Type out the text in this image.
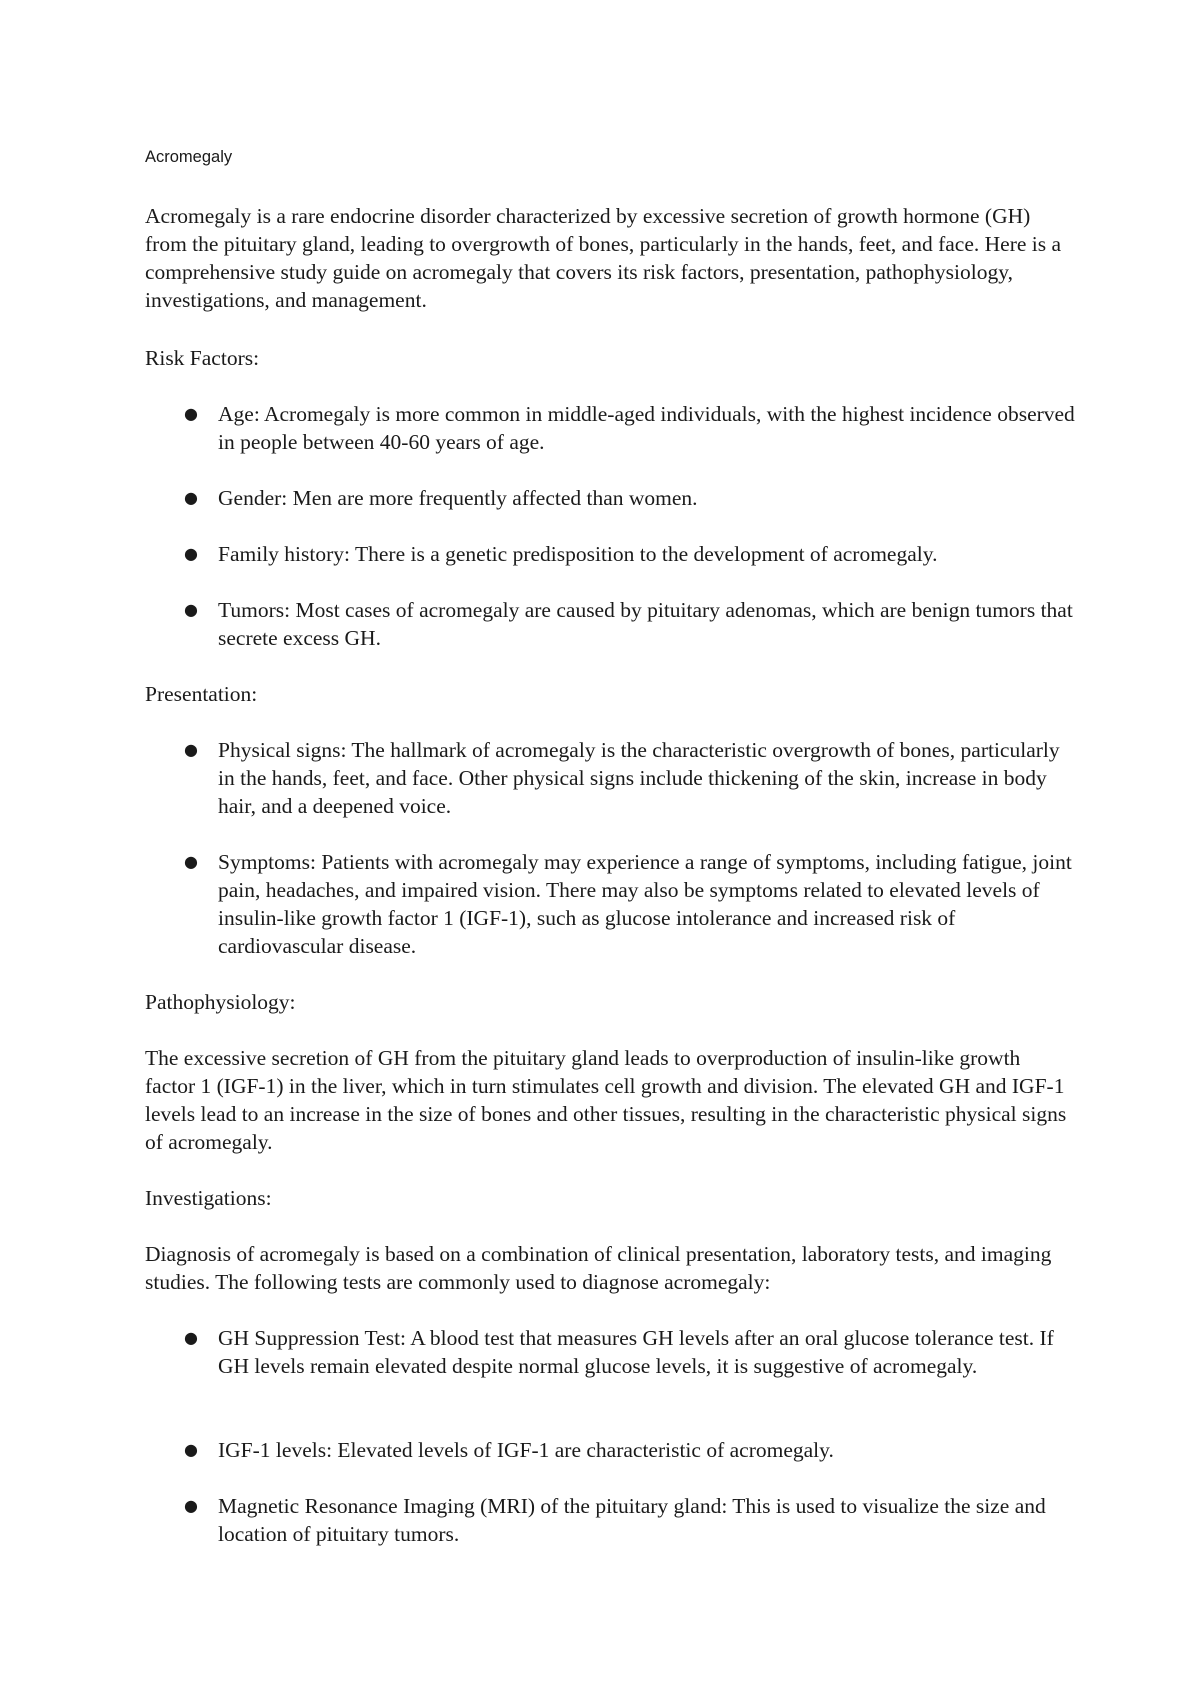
Acromegaly

Acromegaly is a rare endocrine disorder characterized by excessive secretion of growth hormone (GH) from the pituitary gland, leading to overgrowth of bones, particularly in the hands, feet, and face. Here is a comprehensive study guide on acromegaly that covers its risk factors, presentation, pathophysiology, investigations, and management.

Risk Factors:

● Age: Acromegaly is more common in middle-aged individuals, with the highest incidence observed in people between 40-60 years of age.
● Gender: Men are more frequently affected than women.
● Family history: There is a genetic predisposition to the development of acromegaly.
● Tumors: Most cases of acromegaly are caused by pituitary adenomas, which are benign tumors that secrete excess GH.

Presentation:

● Physical signs: The hallmark of acromegaly is the characteristic overgrowth of bones, particularly in the hands, feet, and face. Other physical signs include thickening of the skin, increase in body hair, and a deepened voice.
● Symptoms: Patients with acromegaly may experience a range of symptoms, including fatigue, joint pain, headaches, and impaired vision. There may also be symptoms related to elevated levels of insulin-like growth factor 1 (IGF-1), such as glucose intolerance and increased risk of cardiovascular disease.

Pathophysiology:

The excessive secretion of GH from the pituitary gland leads to overproduction of insulin-like growth factor 1 (IGF-1) in the liver, which in turn stimulates cell growth and division. The elevated GH and IGF-1 levels lead to an increase in the size of bones and other tissues, resulting in the characteristic physical signs of acromegaly.

Investigations:

Diagnosis of acromegaly is based on a combination of clinical presentation, laboratory tests, and imaging studies. The following tests are commonly used to diagnose acromegaly:

● GH Suppression Test: A blood test that measures GH levels after an oral glucose tolerance test. If GH levels remain elevated despite normal glucose levels, it is suggestive of acromegaly.
● IGF-1 levels: Elevated levels of IGF-1 are characteristic of acromegaly.
● Magnetic Resonance Imaging (MRI) of the pituitary gland: This is used to visualize the size and location of pituitary tumors.
